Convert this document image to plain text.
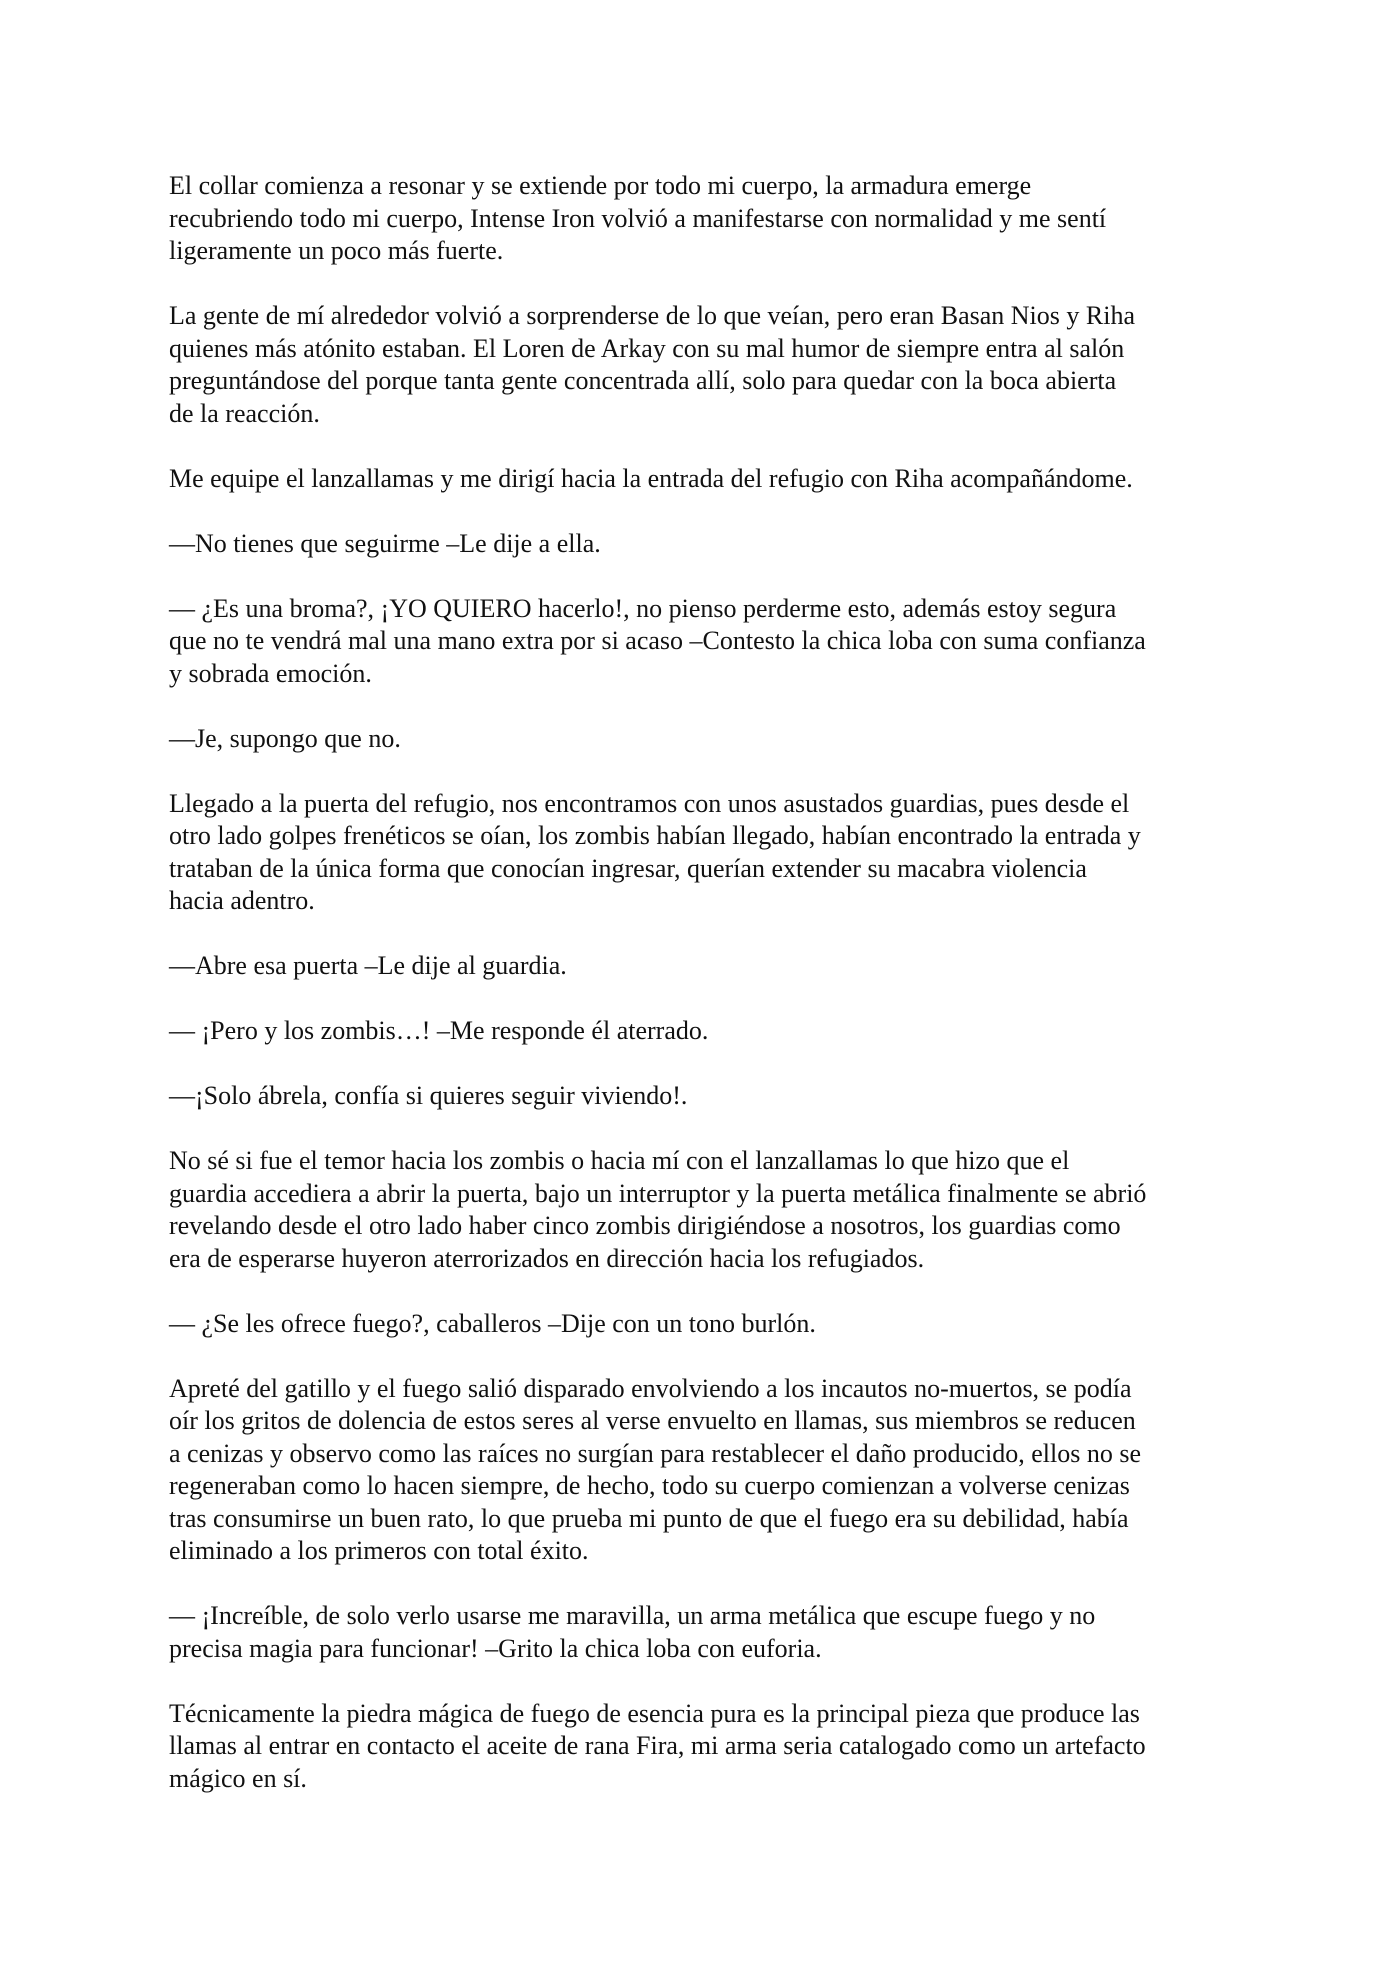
El collar comienza a resonar y se extiende por todo mi cuerpo, la armadura emerge
recubriendo todo mi cuerpo, Intense Iron volvió a manifestarse con normalidad y me sentí
ligeramente un poco más fuerte.

La gente de mí alrededor volvió a sorprenderse de lo que veían, pero eran Basan Nios y Riha
quienes más atónito estaban. El Loren de Arkay con su mal humor de siempre entra al salón
preguntándose del porque tanta gente concentrada allí, solo para quedar con la boca abierta
de la reacción.

Me equipe el lanzallamas y me dirigí hacia la entrada del refugio con Riha acompañándome.

—No tienes que seguirme –Le dije a ella.

— ¿Es una broma?, ¡YO QUIERO hacerlo!, no pienso perderme esto, además estoy segura
que no te vendrá mal una mano extra por si acaso –Contesto la chica loba con suma confianza
y sobrada emoción.

—Je, supongo que no.

Llegado a la puerta del refugio, nos encontramos con unos asustados guardias, pues desde el
otro lado golpes frenéticos se oían, los zombis habían llegado, habían encontrado la entrada y
trataban de la única forma que conocían ingresar, querían extender su macabra violencia
hacia adentro.

—Abre esa puerta –Le dije al guardia.

— ¡Pero y los zombis…! –Me responde él aterrado.

—¡Solo ábrela, confía si quieres seguir viviendo!.

No sé si fue el temor hacia los zombis o hacia mí con el lanzallamas lo que hizo que el
guardia accediera a abrir la puerta, bajo un interruptor y la puerta metálica finalmente se abrió
revelando desde el otro lado haber cinco zombis dirigiéndose a nosotros, los guardias como
era de esperarse huyeron aterrorizados en dirección hacia los refugiados.

— ¿Se les ofrece fuego?, caballeros –Dije con un tono burlón.

Apreté del gatillo y el fuego salió disparado envolviendo a los incautos no-muertos, se podía
oír los gritos de dolencia de estos seres al verse envuelto en llamas, sus miembros se reducen
a cenizas y observo como las raíces no surgían para restablecer el daño producido, ellos no se
regeneraban como lo hacen siempre, de hecho, todo su cuerpo comienzan a volverse cenizas
tras consumirse un buen rato, lo que prueba mi punto de que el fuego era su debilidad, había
eliminado a los primeros con total éxito.

— ¡Increíble, de solo verlo usarse me maravilla, un arma metálica que escupe fuego y no
precisa magia para funcionar! –Grito la chica loba con euforia.

Técnicamente la piedra mágica de fuego de esencia pura es la principal pieza que produce las
llamas al entrar en contacto el aceite de rana Fira, mi arma seria catalogado como un artefacto
mágico en sí.
